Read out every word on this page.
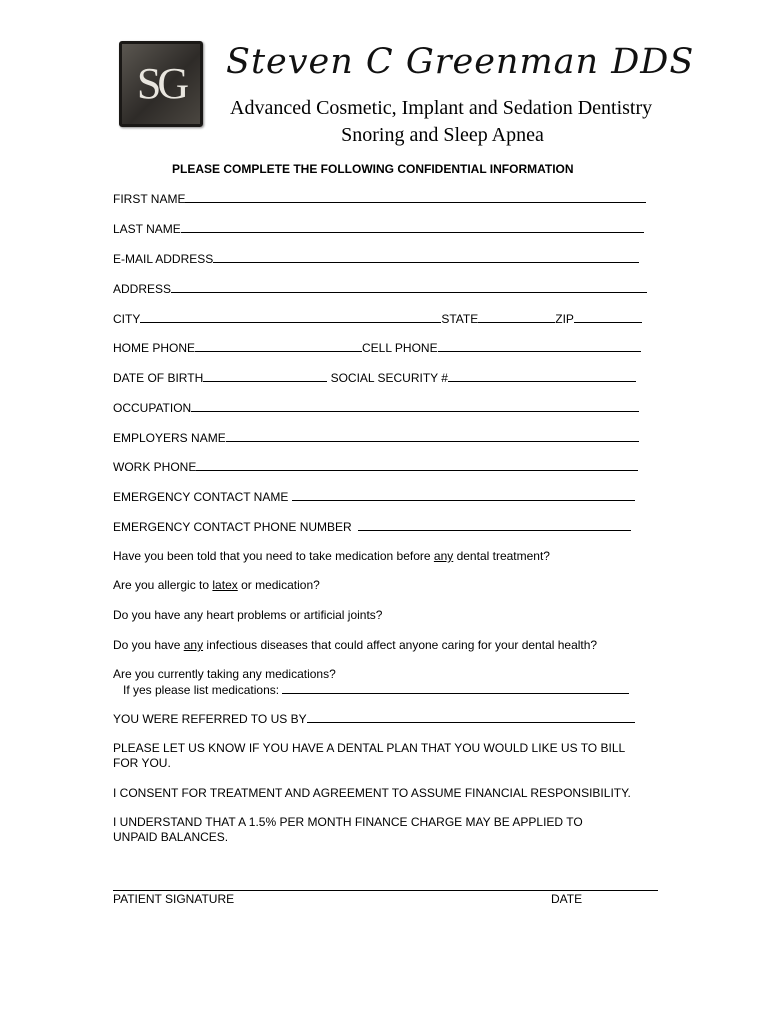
SG	Steven C Greenman DDS
Advanced Cosmetic, Implant and Sedation Dentistry
Snoring and Sleep Apnea
PLEASE COMPLETE THE FOLLOWING CONFIDENTIAL INFORMATION
FIRST NAME
LAST NAME
E-MAIL ADDRESS
ADDRESS
CITY	STATE	ZIP
HOME PHONE	CELL PHONE
DATE OF BIRTH	SOCIAL SECURITY #
OCCUPATION
EMPLOYERS NAME
WORK PHONE
EMERGENCY CONTACT NAME
EMERGENCY CONTACT PHONE NUMBER
Have you been told that you need to take medication before any dental treatment?
Are you allergic to latex or medication?
Do you have any heart problems or artificial joints?
Do you have any infectious diseases that could affect anyone caring for your dental health?
Are you currently taking any medications?
If yes please list medications:
YOU WERE REFERRED TO US BY
PLEASE LET US KNOW IF YOU HAVE A DENTAL PLAN THAT YOU WOULD LIKE US TO BILL
FOR YOU.
I CONSENT FOR TREATMENT AND AGREEMENT TO ASSUME FINANCIAL RESPONSIBILITY.
I UNDERSTAND THAT A 1.5% PER MONTH FINANCE CHARGE MAY BE APPLIED TO
UNPAID BALANCES.
PATIENT SIGNATURE	DATE
